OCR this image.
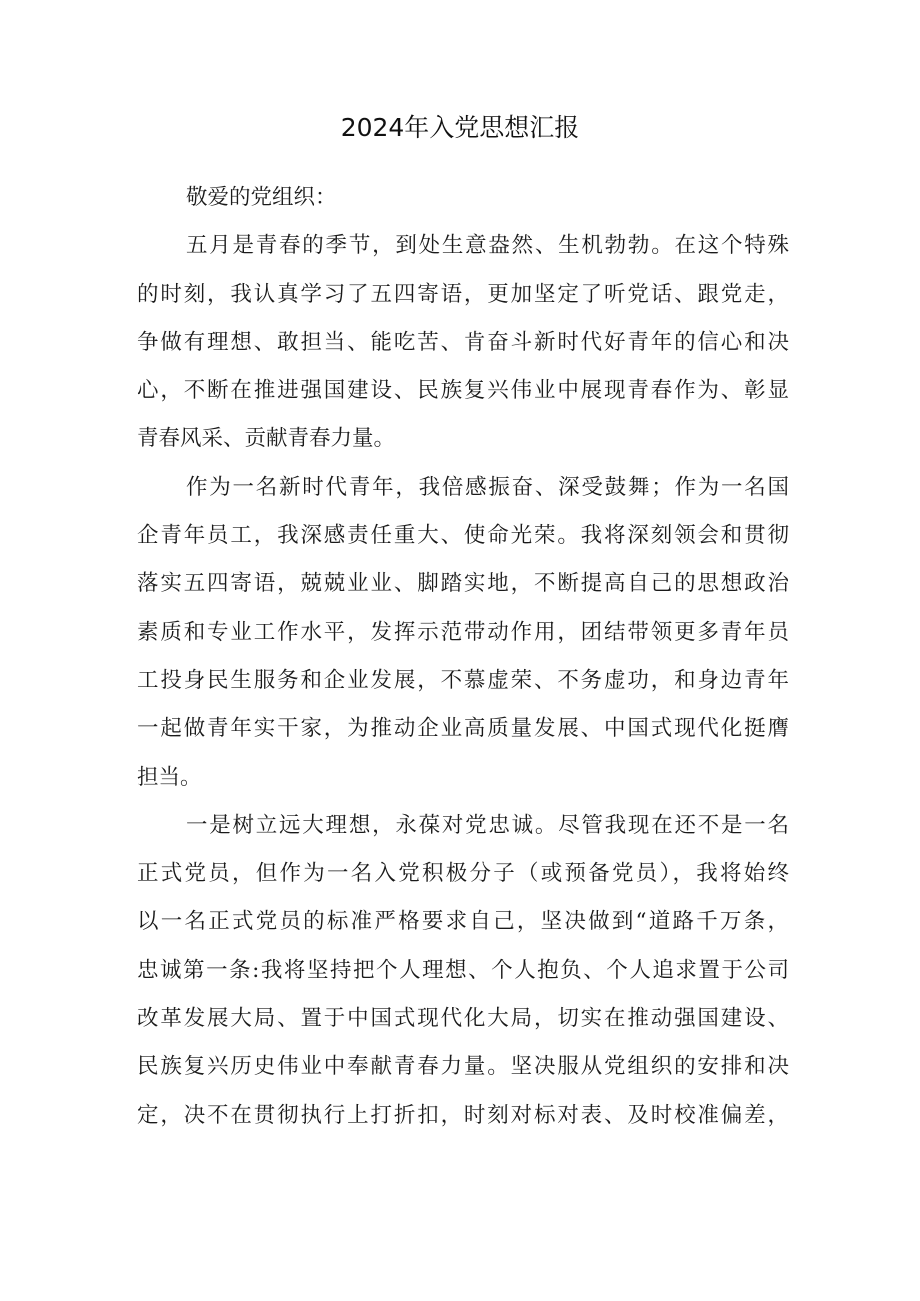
2024年入党思想汇报
敬爱的党组织：
五月是青春的季节，到处生意盎然、生机勃勃。在这个特殊
的时刻，我认真学习了五四寄语，更加坚定了听党话、跟党走，
争做有理想、敢担当、能吃苦、肯奋斗新时代好青年的信心和决
心，不断在推进强国建设、民族复兴伟业中展现青春作为、彰显
青春风采、贡献青春力量。
作为一名新时代青年，我倍感振奋、深受鼓舞；作为一名国
企青年员工，我深感责任重大、使命光荣。我将深刻领会和贯彻
落实五四寄语，兢兢业业、脚踏实地，不断提高自己的思想政治
素质和专业工作水平，发挥示范带动作用，团结带领更多青年员
工投身民生服务和企业发展，不慕虚荣、不务虚功，和身边青年
一起做青年实干家，为推动企业高质量发展、中国式现代化挺膺
担当。
一是树立远大理想，永葆对党忠诚。尽管我现在还不是一名
正式党员，但作为一名入党积极分子（或预备党员），我将始终
以一名正式党员的标准严格要求自己，坚决做到“道路千万条，
忠诚第一条:我将坚持把个人理想、个人抱负、个人追求置于公司
改革发展大局、置于中国式现代化大局，切实在推动强国建设、
民族复兴历史伟业中奉献青春力量。坚决服从党组织的安排和决
定，决不在贯彻执行上打折扣，时刻对标对表、及时校准偏差，
